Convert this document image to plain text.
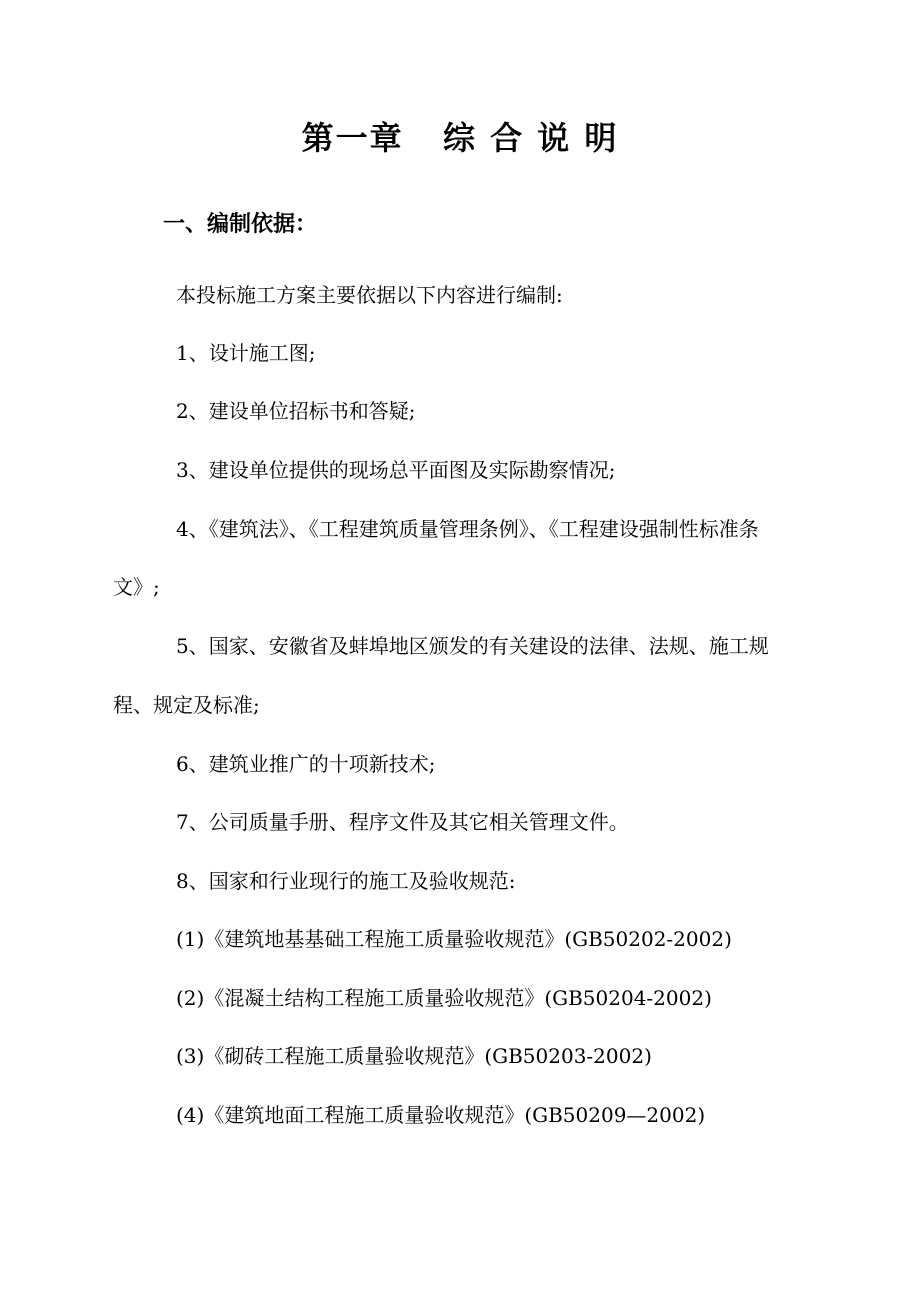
第一章   综 合 说 明
一、编制依据：
本投标施工方案主要依据以下内容进行编制:
1、设计施工图;
2、建设单位招标书和答疑;
3、建设单位提供的现场总平面图及实际勘察情况;
4、《建筑法》、《工程建筑质量管理条例》、《工程建设强制性标准条
文》;
5、国家、安徽省及蚌埠地区颁发的有关建设的法律、法规、施工规
程、规定及标准;
6、建筑业推广的十项新技术;
7、公司质量手册、程序文件及其它相关管理文件。
8、国家和行业现行的施工及验收规范:
(1)《建筑地基基础工程施工质量验收规范》(GB50202-2002)
(2)《混凝土结构工程施工质量验收规范》(GB50204-2002)
(3)《砌砖工程施工质量验收规范》(GB50203-2002)
(4)《建筑地面工程施工质量验收规范》(GB50209—2002)
